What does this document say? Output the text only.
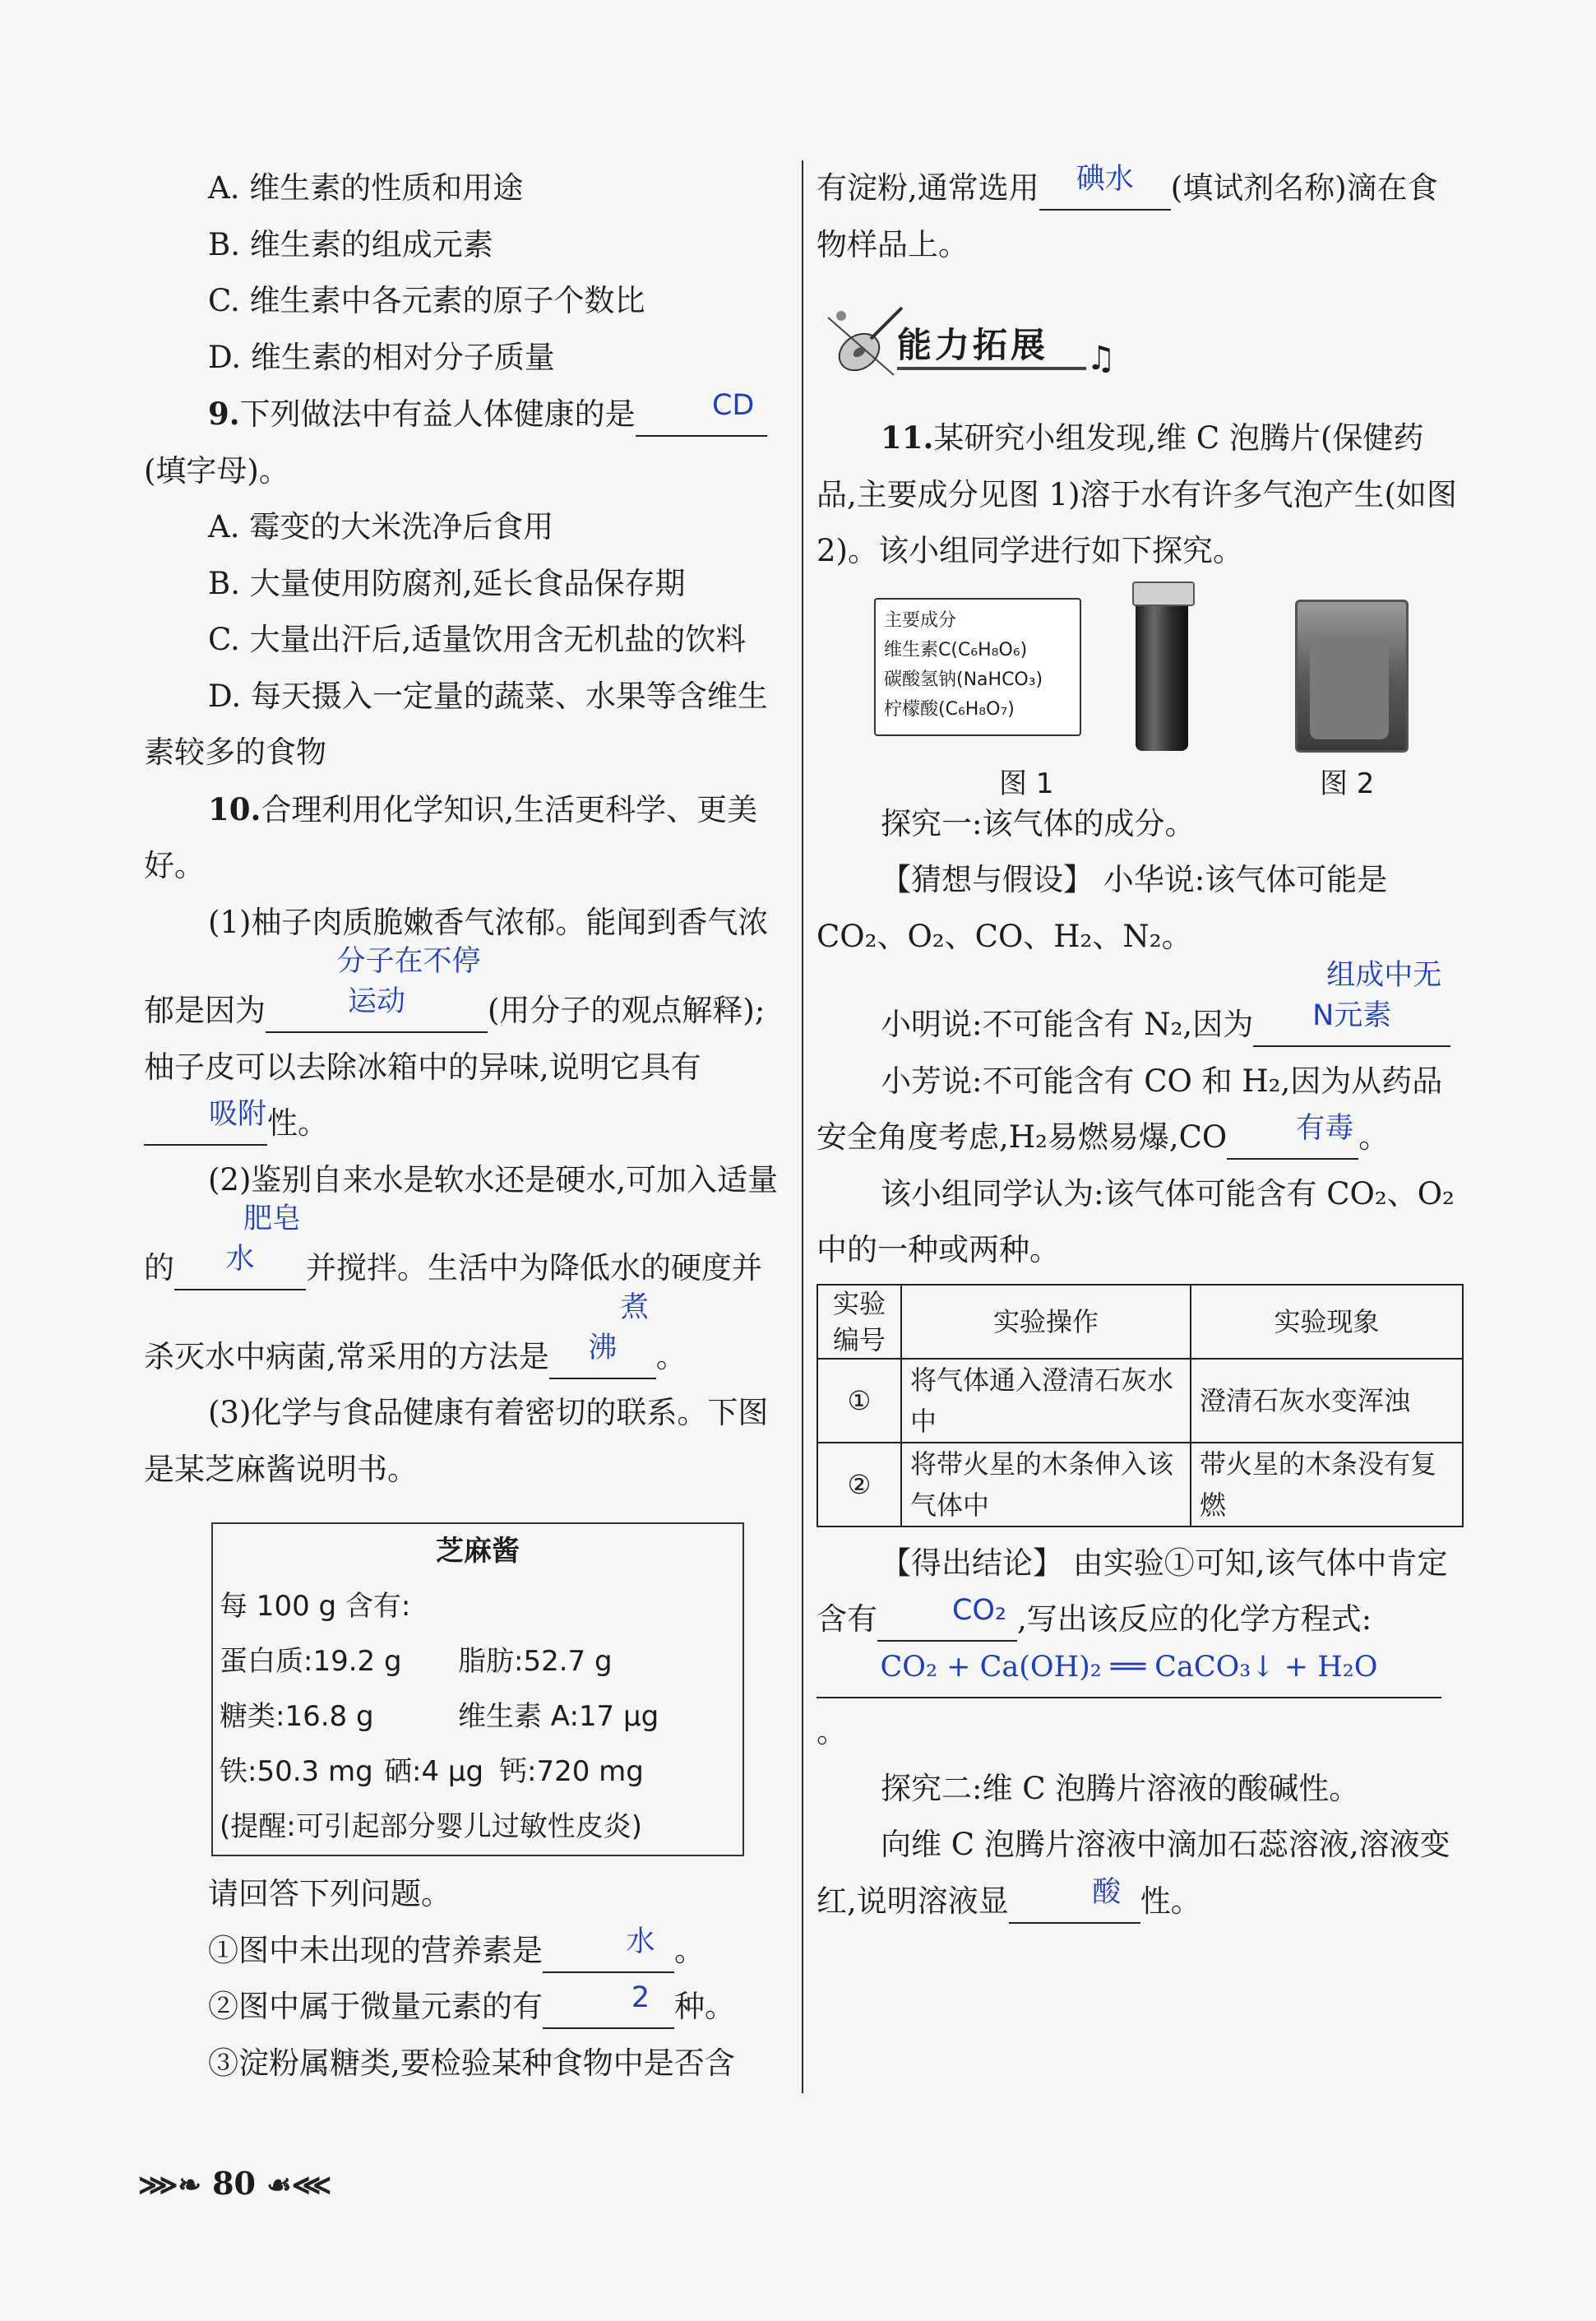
A. 维生素的性质和用途

B. 维生素的组成元素

C. 维生素中各元素的原子个数比

D. 维生素的相对分子质量

9.下列做法中有益人体健康的是	CD(填字母)。

A. 霉变的大米洗净后食用

B. 大量使用防腐剂,延长食品保存期

C. 大量出汗后,适量饮用含无机盐的饮料

D. 每天摄入一定量的蔬菜、水果等含维生素较多的食物

10.合理利用化学知识,生活更科学、更美好。

(1)柚子肉质脆嫩香气浓郁。能闻到香气浓郁是因为分子在不停运动	(用分子的观点解释);柚子皮可以去除冰箱中的异味,说明它具有吸附性。

(2)鉴别自来水是软水还是硬水,可加入适量的肥皂水 并搅拌。生活中为降低水的硬度并杀灭水中病菌,常采用的方法是煮沸 。

(3)化学与食品健康有着密切的联系。下图是某芝麻酱说明书。

芝麻酱
每 100 g 含有:
蛋白质:19.2 g 脂肪:52.7 g
糖类:16.8 g	维生素 A:17 μg
铁:50.3 mg 硒:4 μg 钙:720 mg
(提醒:可引起部分婴儿过敏性皮炎)

请回答下列问题。

①图中未出现的营养素是	水 。

②图中属于微量元素的有	2 种。

③淀粉属糖类,要检验某种食物中是否含

有淀粉,通常选用 碘水 (填试剂名称)滴在食物样品上。

能力拓展 ♫

11.某研究小组发现,维 C 泡腾片(保健药品,主要成分见图 1)溶于水有许多气泡产生(如图 2)。该小组同学进行如下探究。

主要成分
维生素C(C₆H₈O₆)
碳酸氢钠(NaHCO₃)
柠檬酸(C₆H₈O₇)
图 1	图 2

探究一:该气体的成分。

【猜想与假设】 小华说:该气体可能是 CO₂、O₂、CO、H₂、N₂。

小明说:不可能含有 N₂,因为组成中无N元素

小芳说:不可能含有 CO 和 H₂,因为从药品安全角度考虑,H₂易燃易爆,CO 有毒 。

该小组同学认为:该气体可能含有 CO₂、O₂中的一种或两种。

实验编号	实验操作	实验现象
①	将气体通入澄清石灰水中	澄清石灰水变浑浊
②	将带火星的木条伸入该气体中	带火星的木条没有复燃

【得出结论】 由实验①可知,该气体中肯定含有	CO₂ ,写出该反应的化学方程式:

CO₂ + Ca(OH)₂ ══ CaCO₃↓ + H₂O。

探究二:维 C 泡腾片溶液的酸碱性。

向维 C 泡腾片溶液中滴加石蕊溶液,溶液变红,说明溶液显	酸 性。

⋙❧ 80 ☙⋘
